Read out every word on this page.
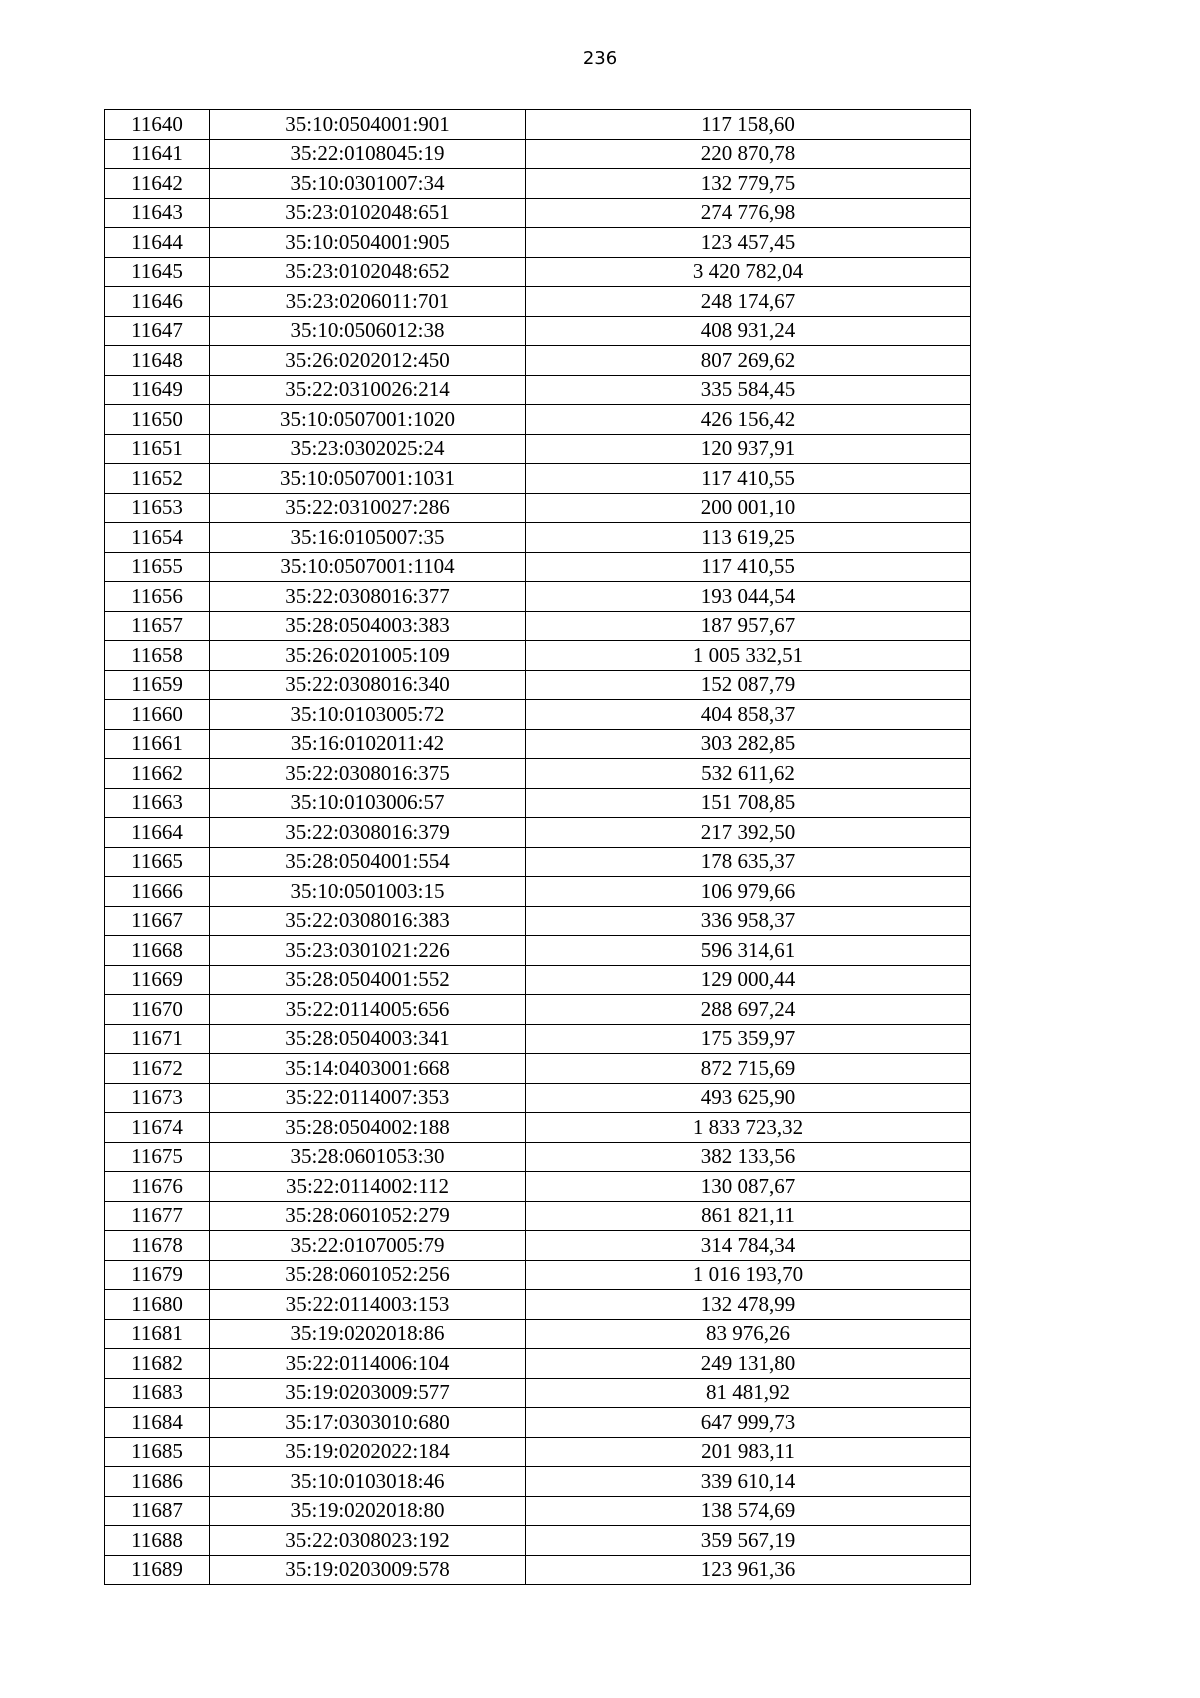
236
11640	35:10:0504001:901	117 158,60
11641	35:22:0108045:19	220 870,78
11642	35:10:0301007:34	132 779,75
11643	35:23:0102048:651	274 776,98
11644	35:10:0504001:905	123 457,45
11645	35:23:0102048:652	3 420 782,04
11646	35:23:0206011:701	248 174,67
11647	35:10:0506012:38	408 931,24
11648	35:26:0202012:450	807 269,62
11649	35:22:0310026:214	335 584,45
11650	35:10:0507001:1020	426 156,42
11651	35:23:0302025:24	120 937,91
11652	35:10:0507001:1031	117 410,55
11653	35:22:0310027:286	200 001,10
11654	35:16:0105007:35	113 619,25
11655	35:10:0507001:1104	117 410,55
11656	35:22:0308016:377	193 044,54
11657	35:28:0504003:383	187 957,67
11658	35:26:0201005:109	1 005 332,51
11659	35:22:0308016:340	152 087,79
11660	35:10:0103005:72	404 858,37
11661	35:16:0102011:42	303 282,85
11662	35:22:0308016:375	532 611,62
11663	35:10:0103006:57	151 708,85
11664	35:22:0308016:379	217 392,50
11665	35:28:0504001:554	178 635,37
11666	35:10:0501003:15	106 979,66
11667	35:22:0308016:383	336 958,37
11668	35:23:0301021:226	596 314,61
11669	35:28:0504001:552	129 000,44
11670	35:22:0114005:656	288 697,24
11671	35:28:0504003:341	175 359,97
11672	35:14:0403001:668	872 715,69
11673	35:22:0114007:353	493 625,90
11674	35:28:0504002:188	1 833 723,32
11675	35:28:0601053:30	382 133,56
11676	35:22:0114002:112	130 087,67
11677	35:28:0601052:279	861 821,11
11678	35:22:0107005:79	314 784,34
11679	35:28:0601052:256	1 016 193,70
11680	35:22:0114003:153	132 478,99
11681	35:19:0202018:86	83 976,26
11682	35:22:0114006:104	249 131,80
11683	35:19:0203009:577	81 481,92
11684	35:17:0303010:680	647 999,73
11685	35:19:0202022:184	201 983,11
11686	35:10:0103018:46	339 610,14
11687	35:19:0202018:80	138 574,69
11688	35:22:0308023:192	359 567,19
11689	35:19:0203009:578	123 961,36
